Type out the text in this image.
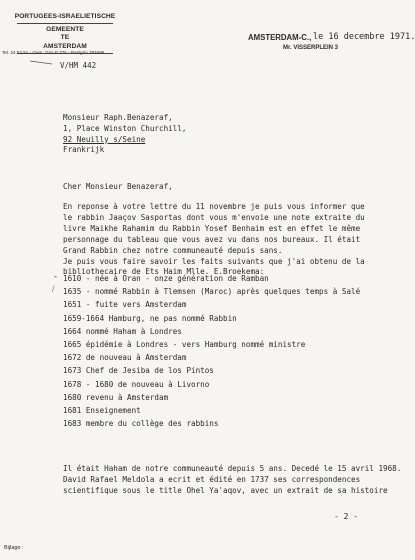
PORTUGEES-ISRAELIETISCHE
GEMEENTE
TE
AMSTERDAM
Tel. 24 53 51 - Gem. Giro P 375 - Postgiro 384696
V/HM 442
AMSTERDAM-C., le 16 decembre 1971.
Mr. VISSERPLEIN 3
Monsieur Raph.Benazeraf,
1, Place Winston Churchill,
92 Neuilly s/Seine
Frankrijk
Cher Monsieur Benazeraf,
En reponse à votre lettre du 11 novembre je puis vous informer que
le rabbin Jaaçov Sasportas dont vous m'envoie une note extraite du
livre Maikhe Rahamim du Rabbin Yosef Benhaim est en effet le même
personnage du tableau que vous avez vu dans nos bureaux. Il était
Grand Rabbin chez notre communeauté depuis sans.
Je puis vous faire savoir les faits suivants que j'ai obtenu de la
bibliothecaire de Ets Haim Mlle. E.Broekema:
-
/
1610 - née à Oran - onze génération de Ramban
1635 - nommé Rabbin à Tlemsen (Maroc) après quelques temps à Salé
1651 - fuite vers Amsterdam
1659-1664 Hamburg, ne pas nommé Rabbin
1664 nommé Haham à Londres
1665 épidémie à Londres - vers Hamburg nommé ministre
1672 de nouveau à Amsterdam
1673 Chef de Jesiba de los Pintos
1678 - 1680 de nouveau à Livorno
1680 revenu à Amsterdam
1681 Enseignement
1683 membre du collège des rabbins
Il était Haham de notre communeauté depuis 5 ans. Decedé le 15 avril 1968.
David Rafael Meldola a ecrit et édité en 1737 ses correspondences
scientifique sous le title Ohel Ya'aqov, avec un extrait de sa histoire
- 2 -
Bijlage :
